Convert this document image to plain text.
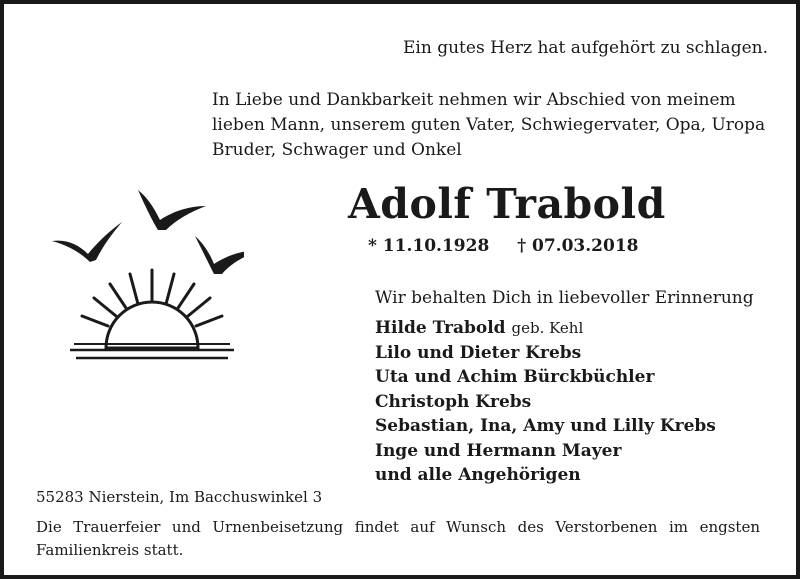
Ein gutes Herz hat aufgehört zu schlagen.
In Liebe und Dankbarkeit nehmen wir Abschied von meinem
lieben Mann, unserem guten Vater, Schwiegervater, Opa, Uropa
Bruder, Schwager und Onkel
Adolf Trabold
* 11.10.1928 † 07.03.2018
Wir behalten Dich in liebevoller Erinnerung
Hilde Trabold geb. Kehl
Lilo und Dieter Krebs
Uta und Achim Bürckbüchler
Christoph Krebs
Sebastian, Ina, Amy und Lilly Krebs
Inge und Hermann Mayer
und alle Angehörigen
55283 Nierstein, Im Bacchuswinkel 3
Die Trauerfeier und Urnenbeisetzung findet auf Wunsch des Verstorbenen im engsten Familienkreis statt.
